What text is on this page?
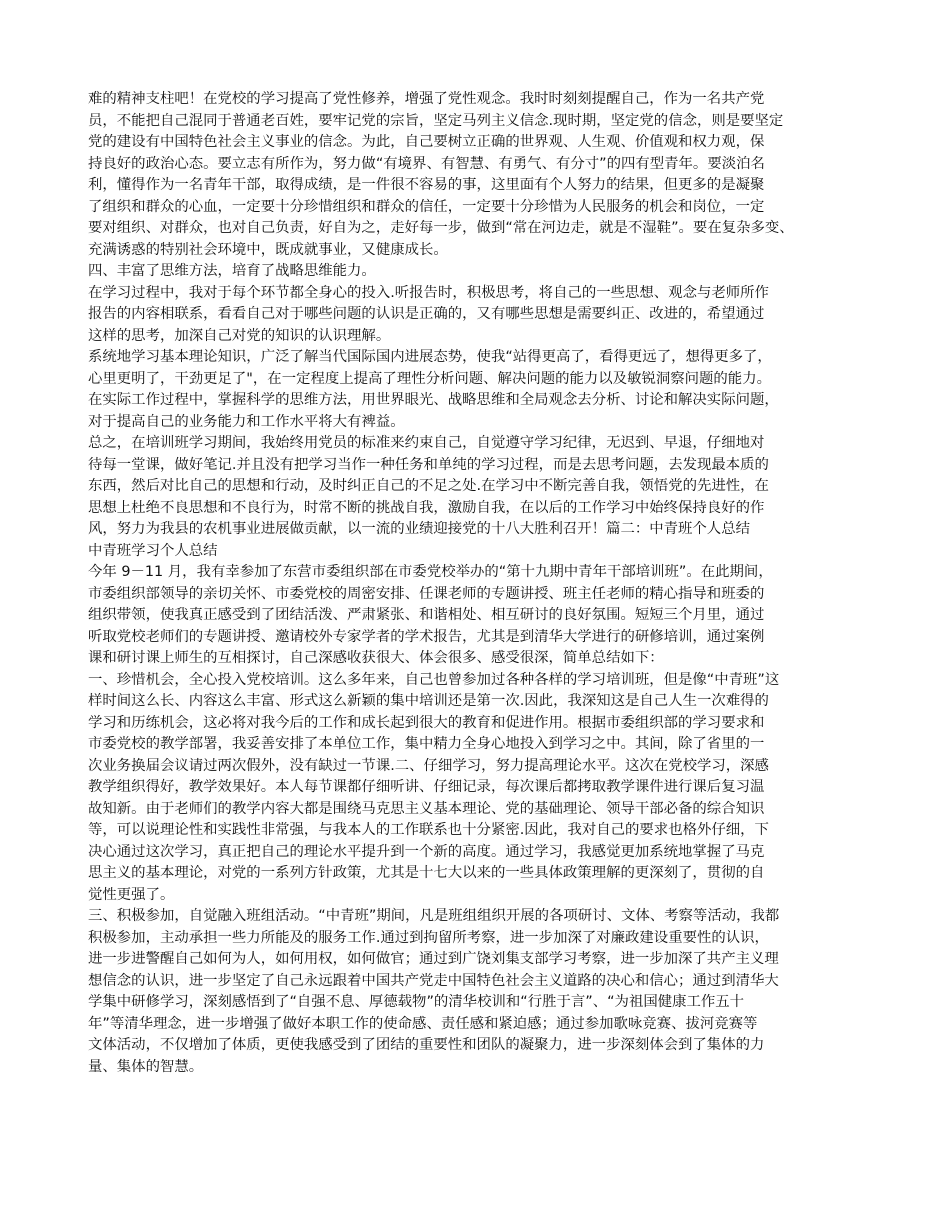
难的精神支柱吧！在党校的学习提高了党性修养，增强了党性观念。我时时刻刻提醒自己，作为一名共产党

员，不能把自己混同于普通老百姓，要牢记党的宗旨，坚定马列主义信念.现时期，坚定党的信念，则是要坚定

党的建设有中国特色社会主义事业的信念。为此，自己要树立正确的世界观、人生观、价值观和权力观，保

持良好的政治心态。要立志有所作为，努力做“有境界、有智慧、有勇气、有分寸”的四有型青年。要淡泊名

利，懂得作为一名青年干部，取得成绩，是一件很不容易的事，这里面有个人努力的结果，但更多的是凝聚

了组织和群众的心血，一定要十分珍惜组织和群众的信任，一定要十分珍惜为人民服务的机会和岗位，一定

要对组织、对群众，也对自己负责，好自为之，走好每一步，做到“常在河边走，就是不湿鞋”。要在复杂多变、

充满诱惑的特别社会环境中，既成就事业，又健康成长。

四、丰富了思维方法，培育了战略思维能力。

在学习过程中，我对于每个环节都全身心的投入.听报告时，积极思考，将自己的一些思想、观念与老师所作

报告的内容相联系，看看自己对于哪些问题的认识是正确的，又有哪些思想是需要纠正、改进的，希望通过

这样的思考，加深自己对党的知识的认识理解。

系统地学习基本理论知识，广泛了解当代国际国内进展态势，使我“站得更高了，看得更远了，想得更多了，

心里更明了，干劲更足了"，在一定程度上提高了理性分析问题、解决问题的能力以及敏锐洞察问题的能力。

在实际工作过程中，掌握科学的思维方法，用世界眼光、战略思维和全局观念去分析、讨论和解决实际问题，

对于提高自己的业务能力和工作水平将大有裨益。

总之，在培训班学习期间，我始终用党员的标准来约束自己，自觉遵守学习纪律，无迟到、早退，仔细地对

待每一堂课，做好笔记.并且没有把学习当作一种任务和单纯的学习过程，而是去思考问题，去发现最本质的

东西，然后对比自己的思想和行动，及时纠正自己的不足之处.在学习中不断完善自我，领悟党的先进性，在

思想上杜绝不良思想和不良行为，时常不断的挑战自我，激励自我，在以后的工作学习中始终保持良好的作

风，努力为我县的农机事业进展做贡献，以一流的业绩迎接党的十八大胜利召开！篇二：中青班个人总结

中青班学习个人总结

今年 9－11 月，我有幸参加了东营市委组织部在市委党校举办的“第十九期中青年干部培训班”。在此期间，

市委组织部领导的亲切关怀、市委党校的周密安排、任课老师的专题讲授、班主任老师的精心指导和班委的

组织带领，使我真正感受到了团结活泼、严肃紧张、和谐相处、相互研讨的良好氛围。短短三个月里，通过

听取党校老师们的专题讲授、邀请校外专家学者的学术报告，尤其是到清华大学进行的研修培训，通过案例

课和研讨课上师生的互相探讨，自己深感收获很大、体会很多、感受很深，简单总结如下：

一、珍惜机会，全心投入党校培训。这么多年来，自己也曾参加过各种各样的学习培训班，但是像“中青班”这

样时间这么长、内容这么丰富、形式这么新颖的集中培训还是第一次.因此，我深知这是自己人生一次难得的

学习和历练机会，这必将对我今后的工作和成长起到很大的教育和促进作用。根据市委组织部的学习要求和

市委党校的教学部署，我妥善安排了本单位工作，集中精力全身心地投入到学习之中。其间，除了省里的一

次业务换届会议请过两次假外，没有缺过一节课.二、仔细学习，努力提高理论水平。这次在党校学习，深感

教学组织得好，教学效果好。本人每节课都仔细听讲、仔细记录，每次课后都拷取教学课件进行课后复习温

故知新。由于老师们的教学内容大都是围绕马克思主义基本理论、党的基础理论、领导干部必备的综合知识

等，可以说理论性和实践性非常强，与我本人的工作联系也十分紧密.因此，我对自己的要求也格外仔细，下

决心通过这次学习，真正把自己的理论水平提升到一个新的高度。通过学习，我感觉更加系统地掌握了马克

思主义的基本理论，对党的一系列方针政策，尤其是十七大以来的一些具体政策理解的更深刻了，贯彻的自

觉性更强了。

三、积极参加，自觉融入班组活动。“中青班”期间，凡是班组组织开展的各项研讨、文体、考察等活动，我都

积极参加，主动承担一些力所能及的服务工作.通过到拘留所考察，进一步加深了对廉政建设重要性的认识，

进一步进警醒自己如何为人，如何用权，如何做官；通过到广饶刘集支部学习考察，进一步加深了共产主义理

想信念的认识，进一步坚定了自己永远跟着中国共产党走中国特色社会主义道路的决心和信心；通过到清华大

学集中研修学习，深刻感悟到了“自强不息、厚德载物”的清华校训和“行胜于言”、“为祖国健康工作五十

年”等清华理念，进一步增强了做好本职工作的使命感、责任感和紧迫感；通过参加歌咏竞赛、拔河竞赛等

文体活动，不仅增加了体质，更使我感受到了团结的重要性和团队的凝聚力，进一步深刻体会到了集体的力

量、集体的智慧。
